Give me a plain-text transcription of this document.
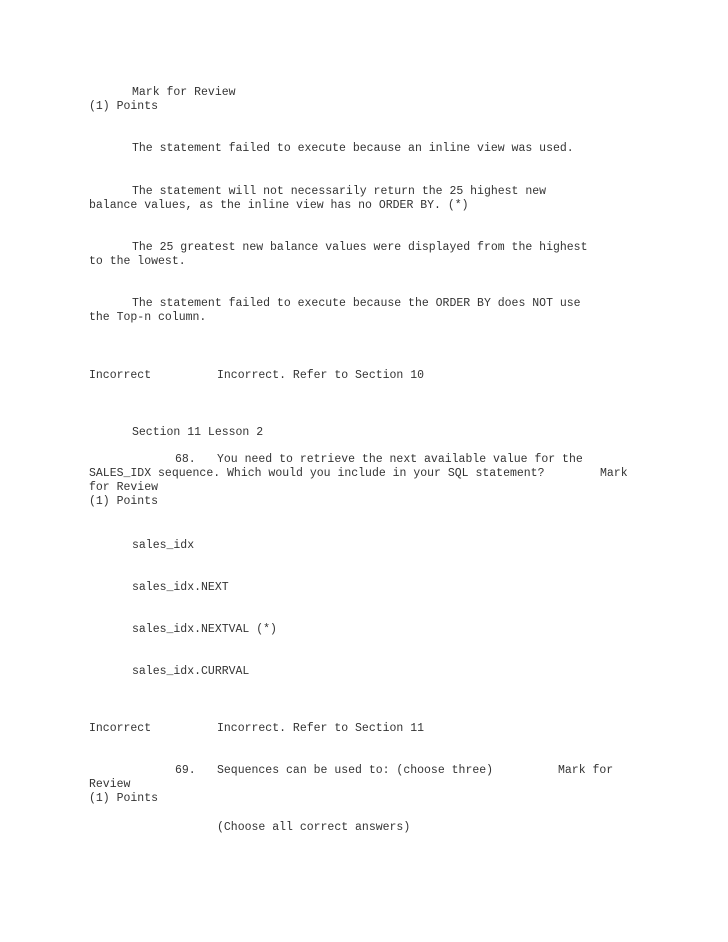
Mark for Review
(1) Points
The statement failed to execute because an inline view was used.
The statement will not necessarily return the 25 highest new
balance values, as the inline view has no ORDER BY. (*)
The 25 greatest new balance values were displayed from the highest
to the lowest.
The statement failed to execute because the ORDER BY does NOT use
the Top-n column.
Incorrect	Incorrect. Refer to Section 10
Section 11 Lesson 2
68. You need to retrieve the next available value for the
SALES_IDX sequence. Which would you include in your SQL statement?	Mark
for Review
(1) Points
sales_idx
sales_idx.NEXT
sales_idx.NEXTVAL (*)
sales_idx.CURRVAL
Incorrect	Incorrect. Refer to Section 11
69. Sequences can be used to: (choose three)	Mark for
Review
(1) Points
(Choose all correct answers)
